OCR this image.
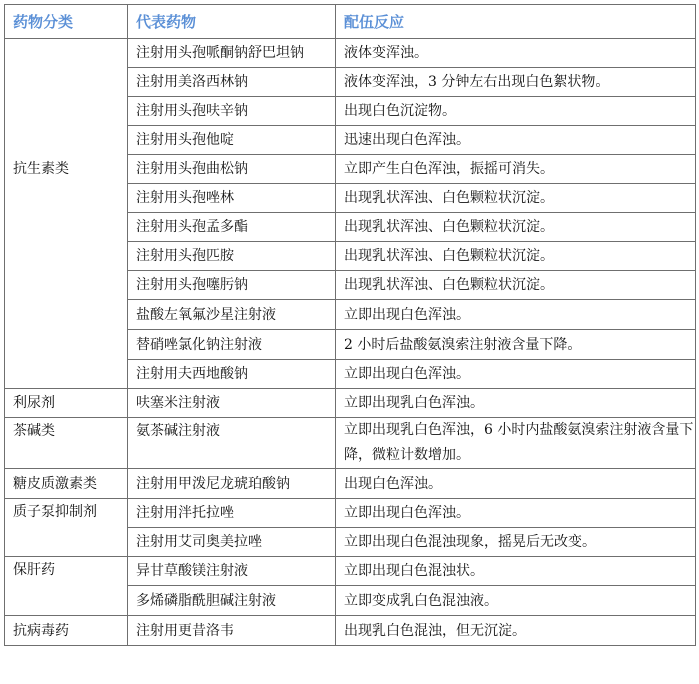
药物分类	代表药物	配伍反应
抗生素类	注射用头孢哌酮钠舒巴坦钠	液体变浑浊。
	注射用美洛西林钠	液体变浑浊，3 分钟左右出现白色絮状物。
	注射用头孢呋辛钠	出现白色沉淀物。
	注射用头孢他啶	迅速出现白色浑浊。
	注射用头孢曲松钠	立即产生白色浑浊，振摇可消失。
	注射用头孢唑林	出现乳状浑浊、白色颗粒状沉淀。
	注射用头孢孟多酯	出现乳状浑浊、白色颗粒状沉淀。
	注射用头孢匹胺	出现乳状浑浊、白色颗粒状沉淀。
	注射用头孢噻肟钠	出现乳状浑浊、白色颗粒状沉淀。
	盐酸左氧氟沙星注射液	立即出现白色浑浊。
	替硝唑氯化钠注射液	2 小时后盐酸氨溴索注射液含量下降。
	注射用夫西地酸钠	立即出现白色浑浊。
利尿剂	呋塞米注射液	立即出现乳白色浑浊。
茶碱类	氨茶碱注射液	立即出现乳白色浑浊，6 小时内盐酸氨溴索注射液含量下降，微粒计数增加。
糖皮质激素类	注射用甲泼尼龙琥珀酸钠	出现白色浑浊。
质子泵抑制剂	注射用泮托拉唑	立即出现白色浑浊。
	注射用艾司奥美拉唑	立即出现白色混浊现象，摇晃后无改变。
保肝药	异甘草酸镁注射液	立即出现白色混浊状。
	多烯磷脂酰胆碱注射液	立即变成乳白色混浊液。
抗病毒药	注射用更昔洛韦	出现乳白色混浊，但无沉淀。
